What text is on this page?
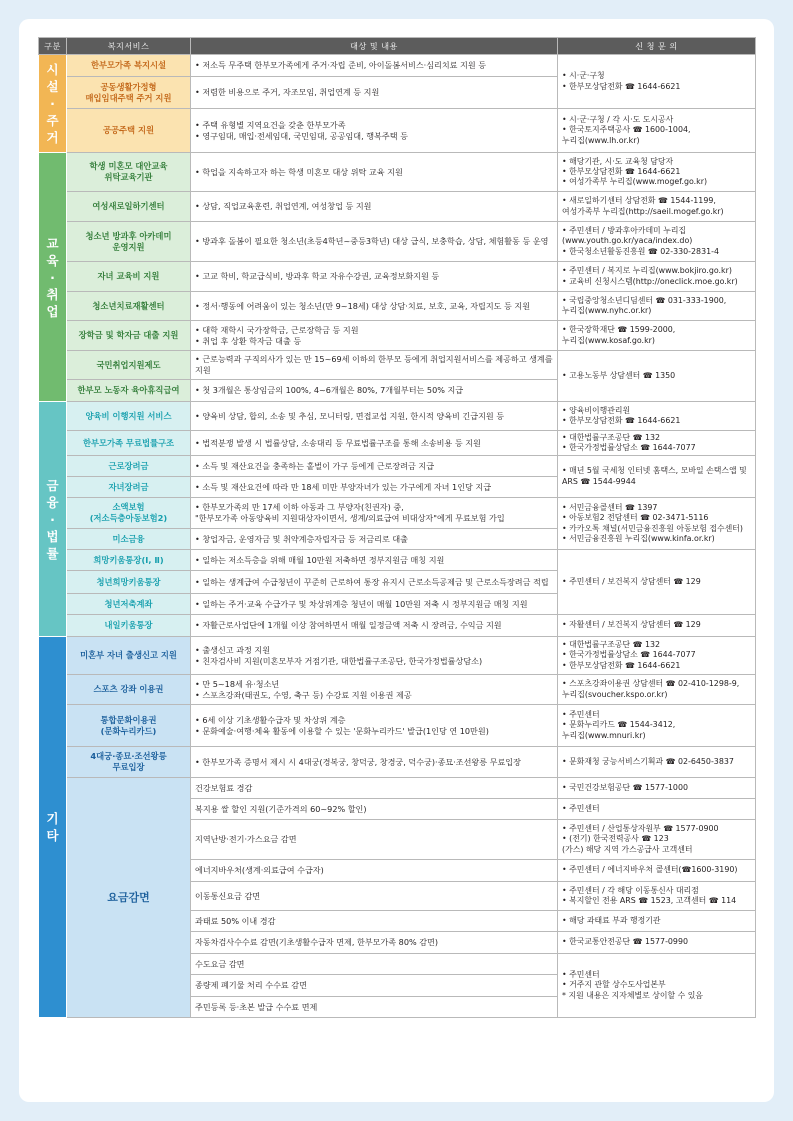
구분	복지서비스	대상 및 내용	신 청 문 의

시설
·
주거	한부모가족 복지시설	• 저소득 무주택 한부모가족에게 주거·자립 준비, 아이돌봄서비스·심리치료 지원 등	• 시·군·구청
• 한부모상담전화 ☎ 1644-6621

	공동생활가정형
매입임대주택 주거 지원	• 저렴한 비용으로 주거, 자조모임, 취업연계 등 지원	

	공공주택 지원	• 주택 유형별 지역요건을 갖춘 한부모가족
• 영구임대, 매입·전세임대, 국민임대, 공공임대, 행복주택 등	• 시·군·구청 / 각 시·도 도시공사
• 한국토지주택공사 ☎ 1600-1004,
누리집(www.lh.or.kr)

교육
·
취업	학생 미혼모 대안교육
위탁교육기관	• 학업을 지속하고자 하는 학생 미혼모 대상 위탁 교육 지원	• 해당기관, 시·도 교육청 담당자
• 한부모상담전화 ☎ 1644-6621
• 여성가족부 누리집(www.mogef.go.kr)

	여성새로일하기센터	• 상담, 직업교육훈련, 취업연계, 여성창업 등 지원	• 새로일하기센터 상담전화 ☎ 1544-1199,
여성가족부 누리집(http://saeil.mogef.go.kr)

	청소년 방과후 아카데미
운영지원	• 방과후 돌봄이 필요한 청소년(초등4학년~중등3학년) 대상 급식, 보충학습, 상담, 체험활동 등 운영	• 주민센터 / 방과후아카데미 누리집
(www.youth.go.kr/yaca/index.do)
• 한국청소년활동진흥원 ☎ 02-330-2831-4

	자녀 교육비 지원	• 고교 학비, 학교급식비, 방과후 학교 자유수강권, 교육정보화지원 등	• 주민센터 / 복지로 누리집(www.bokjiro.go.kr)
• 교육비 신청시스템(http://oneclick.moe.go.kr)

	청소년치료재활센터	• 정서·행동에 어려움이 있는 청소년(만 9~18세) 대상 상담·치료, 보호, 교육, 자립지도 등 지원	• 국립중앙청소년디딤센터 ☎ 031-333-1900,
누리집(www.nyhc.or.kr)

	장학금 및 학자금 대출 지원	• 대학 재학시 국가장학금, 근로장학금 등 지원
• 취업 후 상환 학자금 대출 등	• 한국장학재단 ☎ 1599-2000,
누리집(www.kosaf.go.kr)

	국민취업지원제도	• 근로능력과 구직의사가 있는 만 15~69세 이하의 한부모 등에게 취업지원서비스를 제공하고 생계를 지원	• 고용노동부 상담센터 ☎ 1350

	한부모 노동자 육아휴직급여	• 첫 3개월은 통상임금의 100%, 4~6개월은 80%, 7개월부터는 50% 지급	

금융
·
법률	양육비 이행지원 서비스	• 양육비 상담, 합의, 소송 및 추심, 모니터링, 면접교섭 지원, 한시적 양육비 긴급지원 등	• 양육비이행관리원
• 한부모상담전화 ☎ 1644-6621

	한부모가족 무료법률구조	• 법적분쟁 발생 시 법률상담, 소송대리 등 무료법률구조를 통해 소송비용 등 지원	• 대한법률구조공단 ☎ 132
• 한국가정법률상담소 ☎ 1644-7077

	근로장려금	• 소득 및 재산요건을 충족하는 홑벌이 가구 등에게 근로장려금 지급	• 매년 5월 국세청 인터넷 홈택스, 모바일 손택스앱 및
ARS ☎ 1544-9944

	자녀장려금	• 소득 및 재산요건에 따라 만 18세 미만 부양자녀가 있는 가구에게 자녀 1인당 지급	

	소액보험
(저소득층아동보험2)	• 한부모가족의 만 17세 이하 아동과 그 부양자(친권자) 중,
"한부모가족 아동양육비 지원대상자이면서, 생계/의료급여 비대상자"에게 무료보험 가입	• 서민금융콜센터 ☎ 1397
• 아동보험2 전담센터 ☎ 02-3471-5116
• 카카오톡 채널(서민금융진흥원 아동보험 접수센터)
• 서민금융진흥원 누리집(www.kinfa.or.kr)

	미소금융	• 창업자금, 운영자금 및 취약계층자립자금 등 저금리로 대출	

	희망키움통장(Ⅰ, Ⅱ)	• 일하는 저소득층을 위해 매월 10만원 저축하면 정부지원금 매칭 지원	• 주민센터 / 보건복지 상담센터 ☎ 129

	청년희망키움통장	• 일하는 생계급여 수급청년이 꾸준히 근로하여 통장 유지시 근로소득공제금 및 근로소득장려금 적립	

	청년저축계좌	• 일하는 주거·교육 수급가구 및 차상위계층 청년이 매월 10만원 저축 시 정부지원금 매칭 지원	

	내일키움통장	• 자활근로사업단에 1개월 이상 참여하면서 매월 일정금액 저축 시 장려금, 수익금 지원	• 자활센터 / 보건복지 상담센터 ☎ 129

기타	미혼부 자녀 출생신고 지원	• 출생신고 과정 지원
• 친자검사비 지원(미혼모부자 거점기관, 대한법률구조공단, 한국가정법률상담소)	• 대한법률구조공단 ☎ 132
• 한국가정법률상담소 ☎ 1644-7077
• 한부모상담전화 ☎ 1644-6621

	스포츠 강좌 이용권	• 만 5~18세 유·청소년
• 스포츠강좌(태권도, 수영, 축구 등) 수강료 지원 이용권 제공	• 스포츠강좌이용권 상담센터 ☎ 02-410-1298-9,
누리집(svoucher.kspo.or.kr)

	통합문화이용권
(문화누리카드)	• 6세 이상 기초생활수급자 및 차상위 계층
• 문화예술·여행·체육 활동에 이용할 수 있는 '문화누리카드' 발급(1인당 연 10만원)	• 주민센터
• 문화누리카드 ☎ 1544-3412,
누리집(www.mnuri.kr)

	4대궁·종묘·조선왕릉
무료입장	• 한부모가족 증명서 제시 시 4대궁(경복궁, 창덕궁, 창경궁, 덕수궁)·종묘·조선왕릉 무료입장	• 문화재청 궁능서비스기획과 ☎ 02-6450-3837

	요금감면	건강보험료 경감	• 국민건강보험공단 ☎ 1577-1000

		복지용 쌀 할인 지원(기준가격의 60~92% 할인)	• 주민센터

		지역난방·전기·가스요금 감면	• 주민센터 / 산업통상자원부 ☎ 1577-0900
• (전기) 한국전력공사 ☎ 123
(가스) 해당 지역 가스공급사 고객센터

		에너지바우처(생계·의료급여 수급자)	• 주민센터 / 에너지바우처 콜센터(☎1600-3190)

		이동통신요금 감면	• 주민센터 / 각 해당 이동통신사 대리점
• 복지할인 전용 ARS ☎ 1523, 고객센터 ☎ 114

		과태료 50% 이내 경감	• 해당 과태료 부과 행정기관

		자동차검사수수료 감면(기초생활수급자 면제, 한부모가족 80% 감면)	• 한국교통안전공단 ☎ 1577-0990

		수도요금 감면	• 주민센터
• 거주지 관할 상수도사업본부
* 지원 내용은 지자체별로 상이할 수 있음

		종량제 폐기물 처리 수수료 감면	

		주민등록 등·초본 발급 수수료 면제	
